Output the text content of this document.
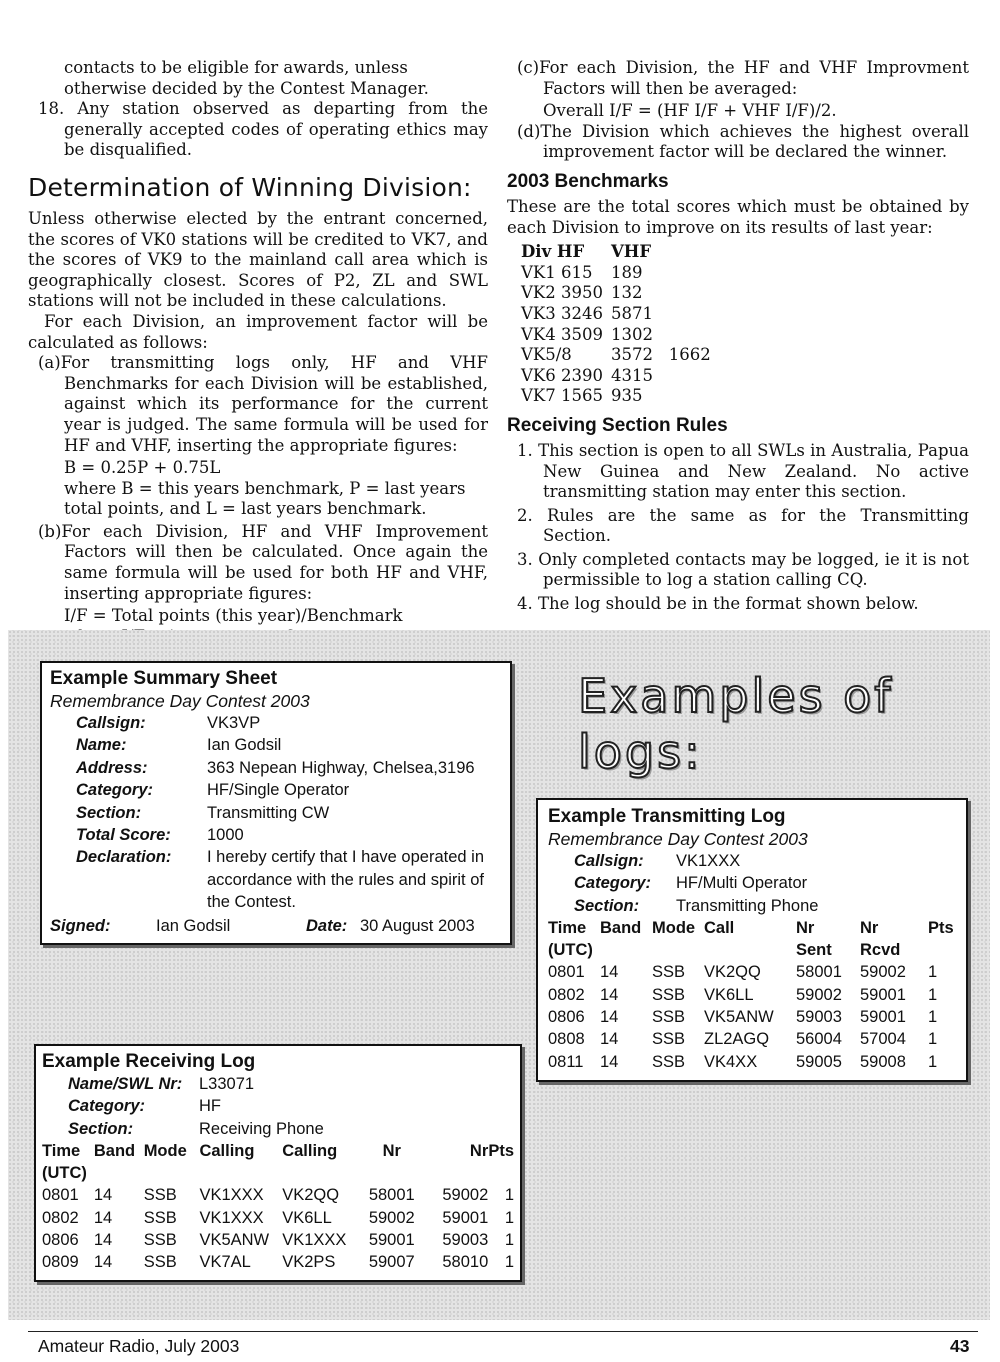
contacts to be eligible for awards, unless otherwise decided by the Contest Manager.

18. Any station observed as departing from the generally accepted codes of operating ethics may be disqualified.

Determination of Winning Division:

Unless otherwise elected by the entrant concerned, the scores of VK0 stations will be credited to VK7, and the scores of VK9 to the mainland call area which is geographically closest. Scores of P2, ZL and SWL stations will not be included in these calculations.

For each Division, an improvement factor will be calculated as follows:

(a)For transmitting logs only, HF and VHF Benchmarks for each Division will be established, against which its performance for the current year is judged. The same formula will be used for HF and VHF, inserting the appropriate figures:

B = 0.25P + 0.75L

where B = this years benchmark, P = last years total points, and L = last years benchmark.

(b)For each Division, HF and VHF Improvement Factors will then be calculated. Once again the same formula will be used for both HF and VHF, inserting appropriate figures:

I/F = Total points (this year)/Benchmark

(c)For each Division, the HF and VHF Improvment Factors will then be averaged:

Overall I/F = (HF I/F + VHF I/F)/2.

(d)The Division which achieves the highest overall improvement factor will be declared the winner.

2003 Benchmarks

These are the total scores which must be obtained by each Division to improve on its results of last year:

Div HF	VHF
VK1 615	189
VK2 3950 132
VK3 3246 5871
VK4 3509 1302
VK5/8	3572   1662
VK6 2390 4315
VK7 1565 935
Receiving Section Rules
1. This section is open to all SWLs in Australia, Papua New Guinea and New Zealand. No active transmitting station may enter this section.
2. Rules are the same as for the Transmitting Section.
3. Only completed contacts may be logged, ie it is not permissible to log a station calling CQ.
4. The log should be in the format shown below.
Examples of logs:
Example Summary Sheet
Remembrance Day Contest 2003
Callsign:	VK3VP
Name:	Ian Godsil
Address:	363 Nepean Highway, Chelsea,3196
Category:	HF/Single Operator
Section:	Transmitting CW
Total Score:	1000
Declaration:	I hereby certify that I have operated in accordance with the rules and spirit of the Contest.
Signed:	Ian Godsil	Date: 30 August 2003
Example Transmitting Log
Remembrance Day Contest 2003
Callsign:	VK1XXX
Category:	HF/Multi Operator
Section:	Transmitting Phone
Time	Band	Mode	Call	Nr	Nr	Pts
(UTC)				Sent	Rcvd	
0801	14	SSB	VK2QQ	58001	59002	1
0802	14	SSB	VK6LL	59002	59001	1
0806	14	SSB	VK5ANW	59003	59001	1
0808	14	SSB	ZL2AGQ	56004	57004	1
0811	14	SSB	VK4XX	59005	59008	1
Example Receiving Log
Name/SWL Nr:	L33071
Category:	HF
Section:	Receiving Phone
Time	Band	Mode	Calling	Calling	Nr	Nr	Pts
(UTC)							
0801	14	SSB	VK1XXX	VK2QQ	58001	59002	1
0802	14	SSB	VK1XXX	VK6LL	59002	59001	1
0806	14	SSB	VK5ANW	VK1XXX	59001	59003	1
0809	14	SSB	VK7AL	VK2PS	59007	58010	1
Amateur Radio, July 2003	43
